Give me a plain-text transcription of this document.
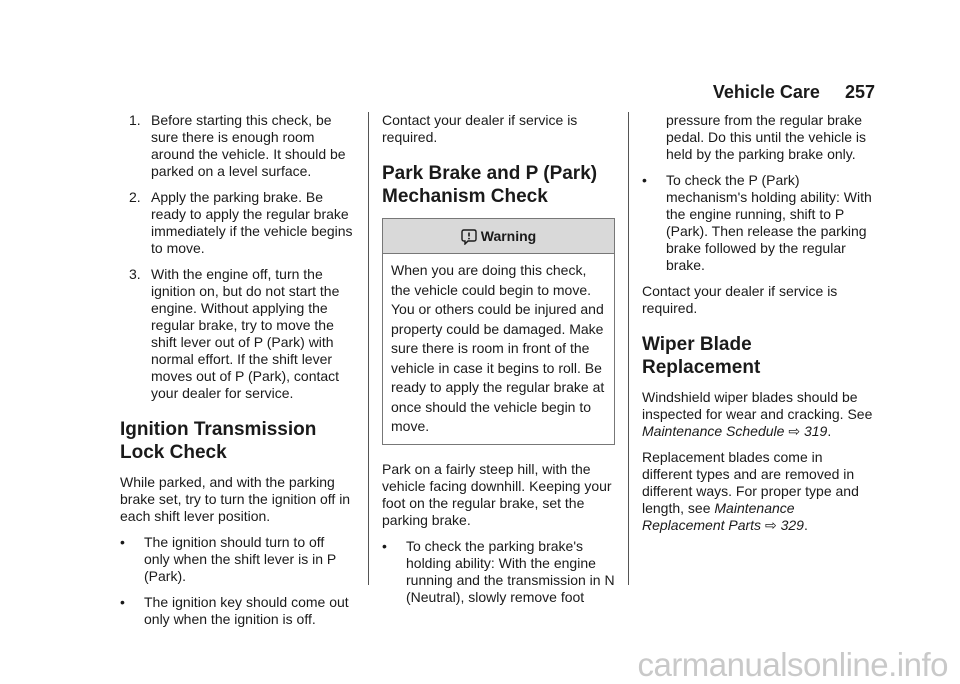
Vehicle Care 257
1. Before starting this check, be sure there is enough room around the vehicle. It should be parked on a level surface.
2. Apply the parking brake. Be ready to apply the regular brake immediately if the vehicle begins to move.
3. With the engine off, turn the ignition on, but do not start the engine. Without applying the regular brake, try to move the shift lever out of P (Park) with normal effort. If the shift lever moves out of P (Park), contact your dealer for service.
Ignition Transmission Lock Check

While parked, and with the parking brake set, try to turn the ignition off in each shift lever position.

•	The ignition should turn to off only when the shift lever is in P (Park).
•	The ignition key should come out only when the ignition is off.

Contact your dealer if service is required.

Park Brake and P (Park) Mechanism Check
Warning
When you are doing this check, the vehicle could begin to move. You or others could be injured and property could be damaged. Make sure there is room in front of the vehicle in case it begins to roll. Be ready to apply the regular brake at once should the vehicle begin to move.

Park on a fairly steep hill, with the vehicle facing downhill. Keeping your foot on the regular brake, set the parking brake.

•	To check the parking brake's holding ability: With the engine running and the transmission in N (Neutral), slowly remove foot
pressure from the regular brake pedal. Do this until the vehicle is held by the parking brake only.
•	To check the P (Park) mechanism's holding ability: With the engine running, shift to P (Park). Then release the parking brake followed by the regular brake.

Contact your dealer if service is required.

Wiper Blade Replacement

Windshield wiper blades should be inspected for wear and cracking. See Maintenance Schedule ⇨ 319.

Replacement blades come in different types and are removed in different ways. For proper type and length, see Maintenance Replacement Parts ⇨ 329.

carmanualsonline.info
